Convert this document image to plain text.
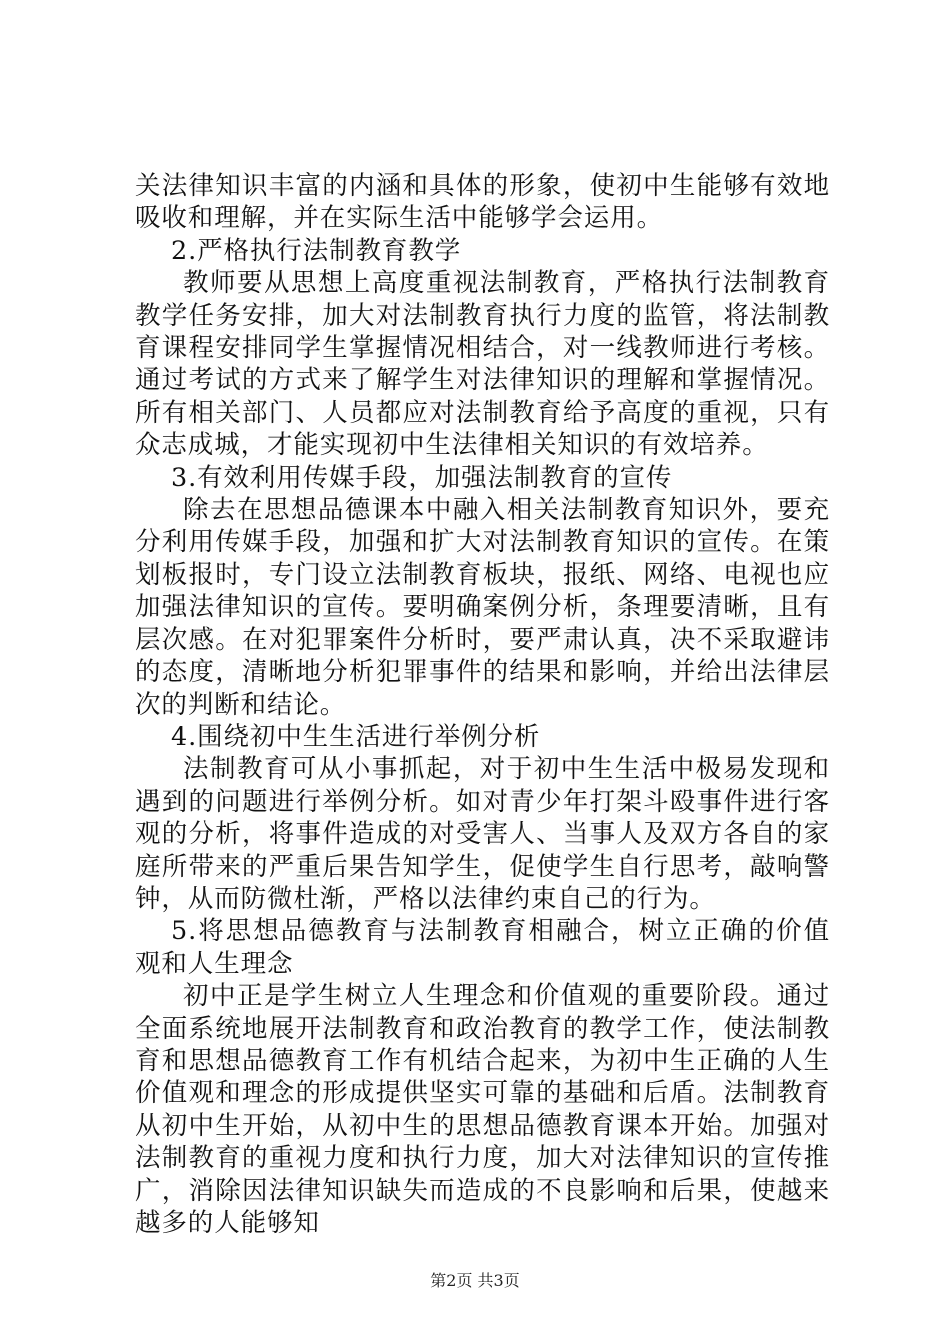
关法律知识丰富的内涵和具体的形象，使初中生能够有效地吸收和理解，并在实际生活中能够学会运用。

2.严格执行法制教育教学

教师要从思想上高度重视法制教育，严格执行法制教育教学任务安排，加大对法制教育执行力度的监管，将法制教育课程安排同学生掌握情况相结合，对一线教师进行考核。通过考试的方式来了解学生对法律知识的理解和掌握情况。所有相关部门、人员都应对法制教育给予高度的重视，只有众志成城，才能实现初中生法律相关知识的有效培养。

3.有效利用传媒手段，加强法制教育的宣传

除去在思想品德课本中融入相关法制教育知识外，要充分利用传媒手段，加强和扩大对法制教育知识的宣传。在策划板报时，专门设立法制教育板块，报纸、网络、电视也应加强法律知识的宣传。要明确案例分析，条理要清晰，且有层次感。在对犯罪案件分析时，要严肃认真，决不采取避讳的态度，清晰地分析犯罪事件的结果和影响，并给出法律层次的判断和结论。

4.围绕初中生生活进行举例分析

法制教育可从小事抓起，对于初中生生活中极易发现和遇到的问题进行举例分析。如对青少年打架斗殴事件进行客观的分析，将事件造成的对受害人、当事人及双方各自的家庭所带来的严重后果告知学生，促使学生自行思考，敲响警钟，从而防微杜渐，严格以法律约束自己的行为。

5.将思想品德教育与法制教育相融合，树立正确的价值观和人生理念

初中正是学生树立人生理念和价值观的重要阶段。通过全面系统地展开法制教育和政治教育的教学工作，使法制教育和思想品德教育工作有机结合起来，为初中生正确的人生价值观和理念的形成提供坚实可靠的基础和后盾。法制教育从初中生开始，从初中生的思想品德教育课本开始。加强对法制教育的重视力度和执行力度，加大对法律知识的宣传推广，消除因法律知识缺失而造成的不良影响和后果，使越来越多的人能够知

第2页 共3页
